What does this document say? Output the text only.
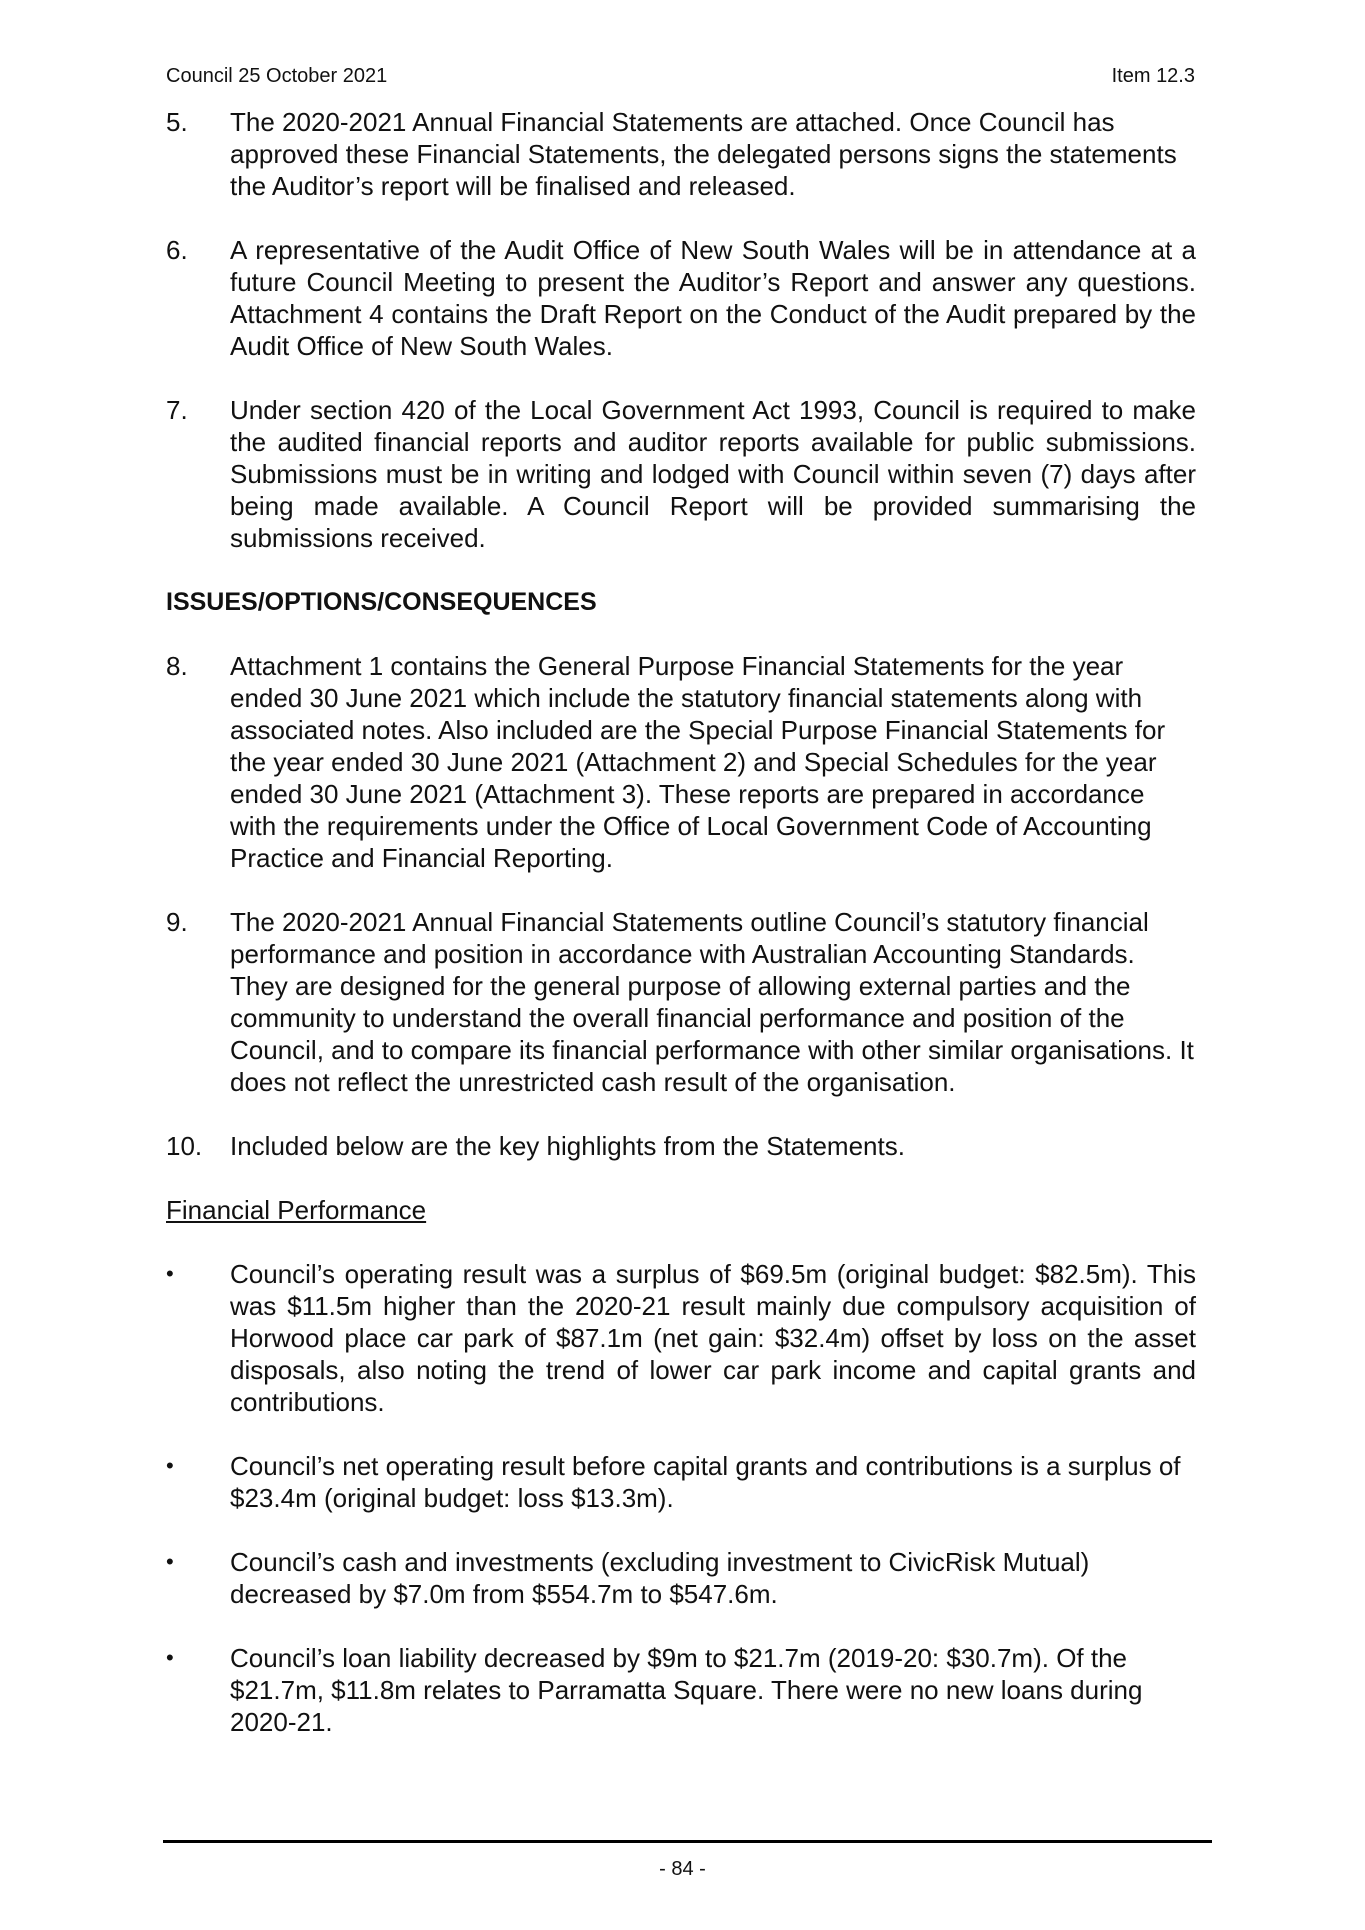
Council 25 October 2021	Item 12.3
5.	The 2020-2021 Annual Financial Statements are attached. Once Council has approved these Financial Statements, the delegated persons signs the statements the Auditor’s report will be finalised and released.
6.	A representative of the Audit Office of New South Wales will be in attendance at a future Council Meeting to present the Auditor’s Report and answer any questions. Attachment 4 contains the Draft Report on the Conduct of the Audit prepared by the Audit Office of New South Wales.
7.	Under section 420 of the Local Government Act 1993, Council is required to make the audited financial reports and auditor reports available for public submissions. Submissions must be in writing and lodged with Council within seven (7) days after being made available. A Council Report will be provided summarising the submissions received.
ISSUES/OPTIONS/CONSEQUENCES
8.	Attachment 1 contains the General Purpose Financial Statements for the year ended 30 June 2021 which include the statutory financial statements along with associated notes. Also included are the Special Purpose Financial Statements for the year ended 30 June 2021 (Attachment 2) and Special Schedules for the year ended 30 June 2021 (Attachment 3). These reports are prepared in accordance with the requirements under the Office of Local Government Code of Accounting Practice and Financial Reporting.
9.	The 2020-2021 Annual Financial Statements outline Council’s statutory financial performance and position in accordance with Australian Accounting Standards. They are designed for the general purpose of allowing external parties and the community to understand the overall financial performance and position of the Council, and to compare its financial performance with other similar organisations. It does not reflect the unrestricted cash result of the organisation.
10.	Included below are the key highlights from the Statements.
Financial Performance
•	Council’s operating result was a surplus of $69.5m (original budget: $82.5m). This was $11.5m higher than the 2020-21 result mainly due compulsory acquisition of Horwood place car park of $87.1m (net gain: $32.4m) offset by loss on the asset disposals, also noting the trend of lower car park income and capital grants and contributions.
•	Council’s net operating result before capital grants and contributions is a surplus of $23.4m (original budget: loss $13.3m).
•	Council’s cash and investments (excluding investment to CivicRisk Mutual) decreased by $7.0m from $554.7m to $547.6m.
•	Council’s loan liability decreased by $9m to $21.7m (2019-20: $30.7m). Of the $21.7m, $11.8m relates to Parramatta Square. There were no new loans during 2020-21.
- 84 -
